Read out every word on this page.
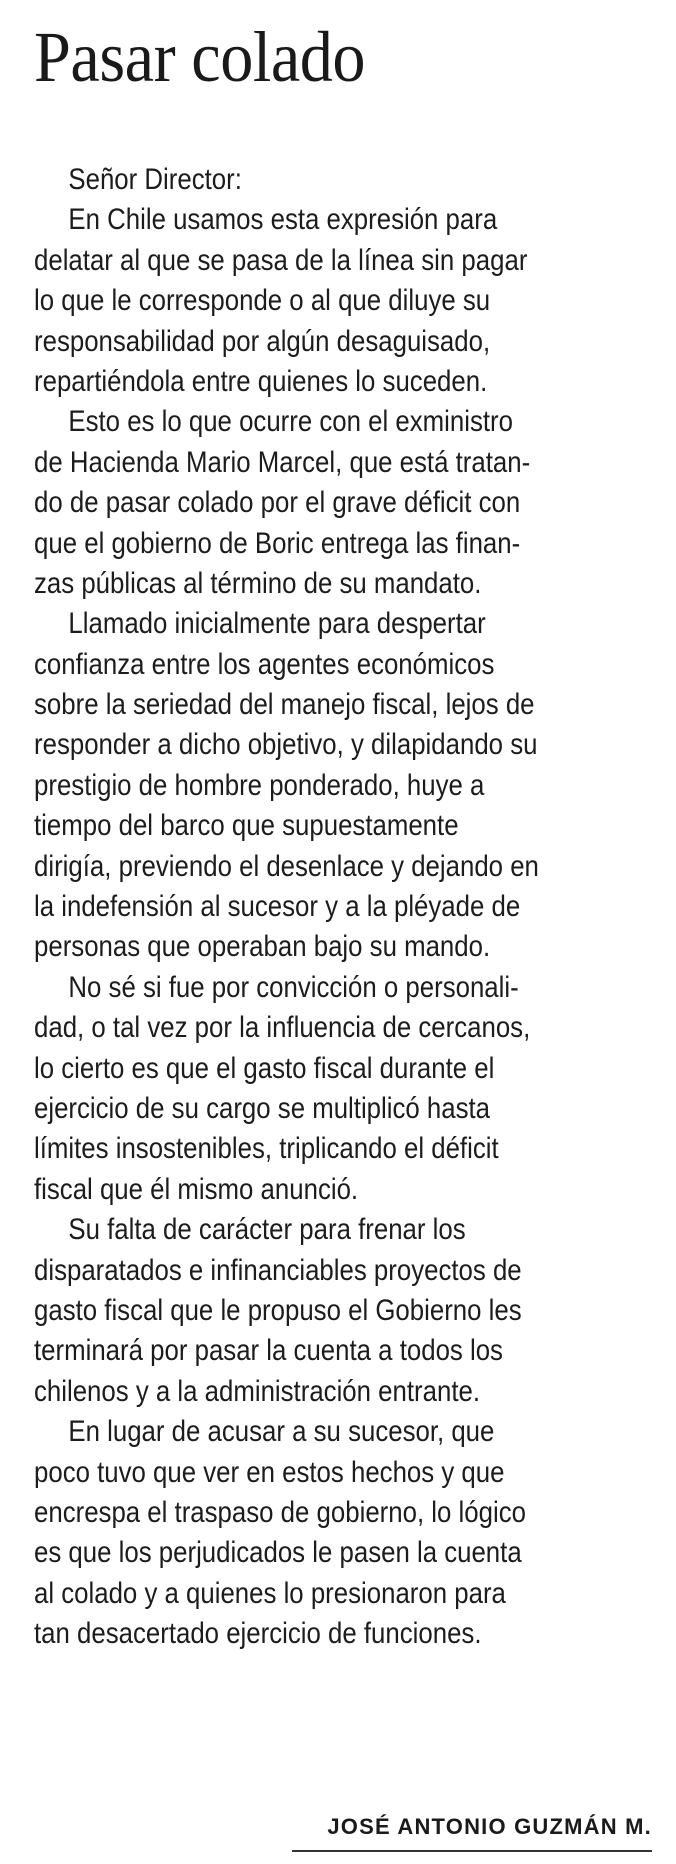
Pasar colado
Señor Director:
En Chile usamos esta expresión para
delatar al que se pasa de la línea sin pagar
lo que le corresponde o al que diluye su
responsabilidad por algún desaguisado,
repartiéndola entre quienes lo suceden.
Esto es lo que ocurre con el exministro
de Hacienda Mario Marcel, que está tratan-
do de pasar colado por el grave déficit con
que el gobierno de Boric entrega las finan-
zas públicas al término de su mandato.
Llamado inicialmente para despertar
confianza entre los agentes económicos
sobre la seriedad del manejo fiscal, lejos de
responder a dicho objetivo, y dilapidando su
prestigio de hombre ponderado, huye a
tiempo del barco que supuestamente
dirigía, previendo el desenlace y dejando en
la indefensión al sucesor y a la pléyade de
personas que operaban bajo su mando.
No sé si fue por convicción o personali-
dad, o tal vez por la influencia de cercanos,
lo cierto es que el gasto fiscal durante el
ejercicio de su cargo se multiplicó hasta
límites insostenibles, triplicando el déficit
fiscal que él mismo anunció.
Su falta de carácter para frenar los
disparatados e infinanciables proyectos de
gasto fiscal que le propuso el Gobierno les
terminará por pasar la cuenta a todos los
chilenos y a la administración entrante.
En lugar de acusar a su sucesor, que
poco tuvo que ver en estos hechos y que
encrespa el traspaso de gobierno, lo lógico
es que los perjudicados le pasen la cuenta
al colado y a quienes lo presionaron para
tan desacertado ejercicio de funciones.
JOSÉ ANTONIO GUZMÁN M.
